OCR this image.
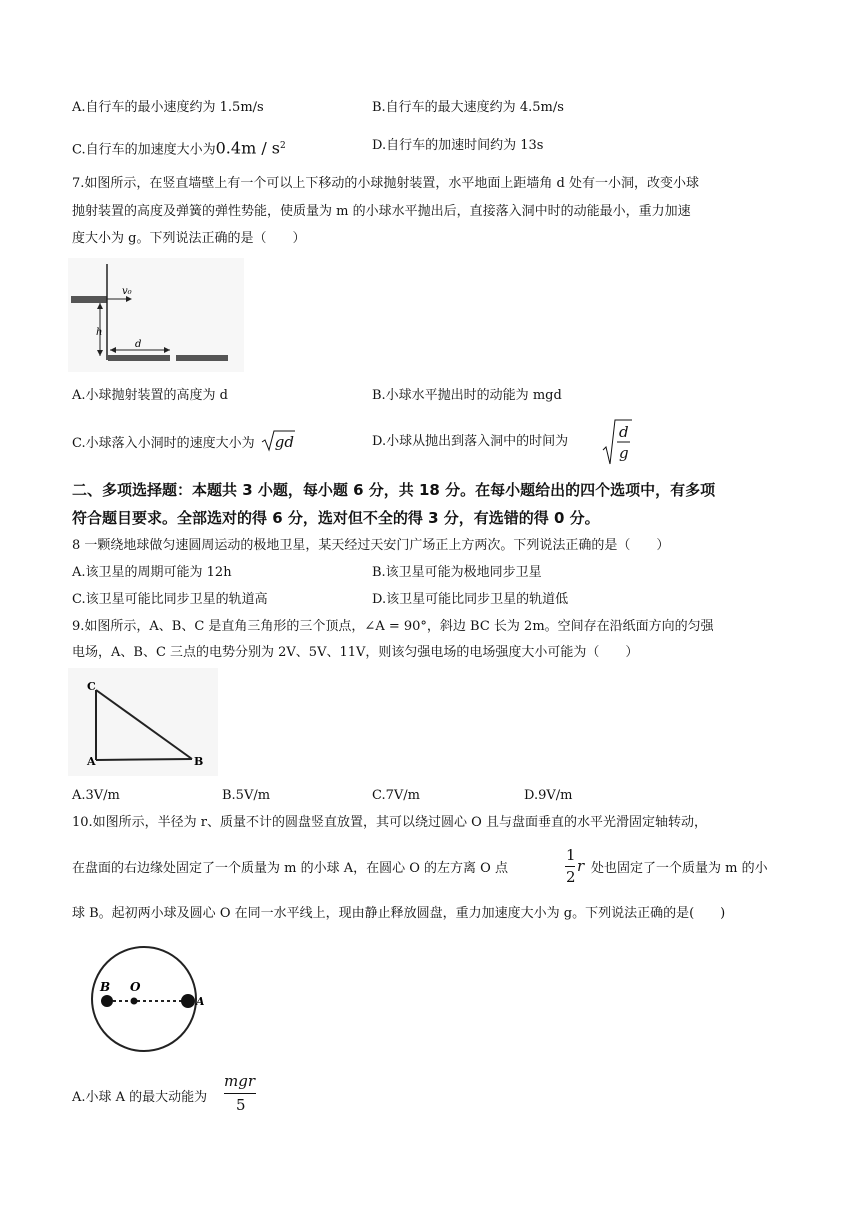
A.自行车的最小速度约为 1.5m/s	B.自行车的最大速度约为 4.5m/s
C.自行车的加速度大小为$0.4m / s^2$	D.自行车的加速时间约为 13s
7.如图所示，在竖直墙壁上有一个可以上下移动的小球抛射装置，水平地面上距墙角 d 处有一小洞，改变小球
抛射装置的高度及弹簧的弹性势能，使质量为 m 的小球水平抛出后，直接落入洞中时的动能最小，重力加速
度大小为 g。下列说法正确的是（　　）
v₀
h
d
A.小球抛射装置的高度为 d	B.小球水平抛出时的动能为 mgd
C.小球落入小洞时的速度大小为 gd	D.小球从抛出到落入洞中的时间为
d
g
二、多项选择题：本题共 3 小题，每小题 6 分，共 18 分。在每小题给出的四个选项中，有多项
符合题目要求。全部选对的得 6 分，选对但不全的得 3 分，有选错的得 0 分。
8 一颗绕地球做匀速圆周运动的极地卫星，某天经过天安门广场正上方两次。下列说法正确的是（　　）
A.该卫星的周期可能为 12h	B.该卫星可能为极地同步卫星
C.该卫星可能比同步卫星的轨道高	D.该卫星可能比同步卫星的轨道低
9.如图所示，A、B、C 是直角三角形的三个顶点，∠A = 90°，斜边 BC 长为 2m。空间存在沿纸面方向的匀强
电场，A、B、C 三点的电势分别为 2V、5V、11V，则该匀强电场的电场强度大小可能为（　　）
C
A	B
A.3V/m	B.5V/m	C.7V/m	D.9V/m
10.如图所示，半径为 r、质量不计的圆盘竖直放置，其可以绕过圆心 O 且与盘面垂直的水平光滑固定轴转动，
在盘面的右边缘处固定了一个质量为 m 的小球 A，在圆心 O 的左方离 O 点
1
2
r 处也固定了一个质量为 m 的小
球 B。起初两小球及圆心 O 在同一水平线上，现由静止释放圆盘，重力加速度大小为 g。下列说法正确的是(　　)
B O
A
A.小球 A 的最大动能为
mgr
5
